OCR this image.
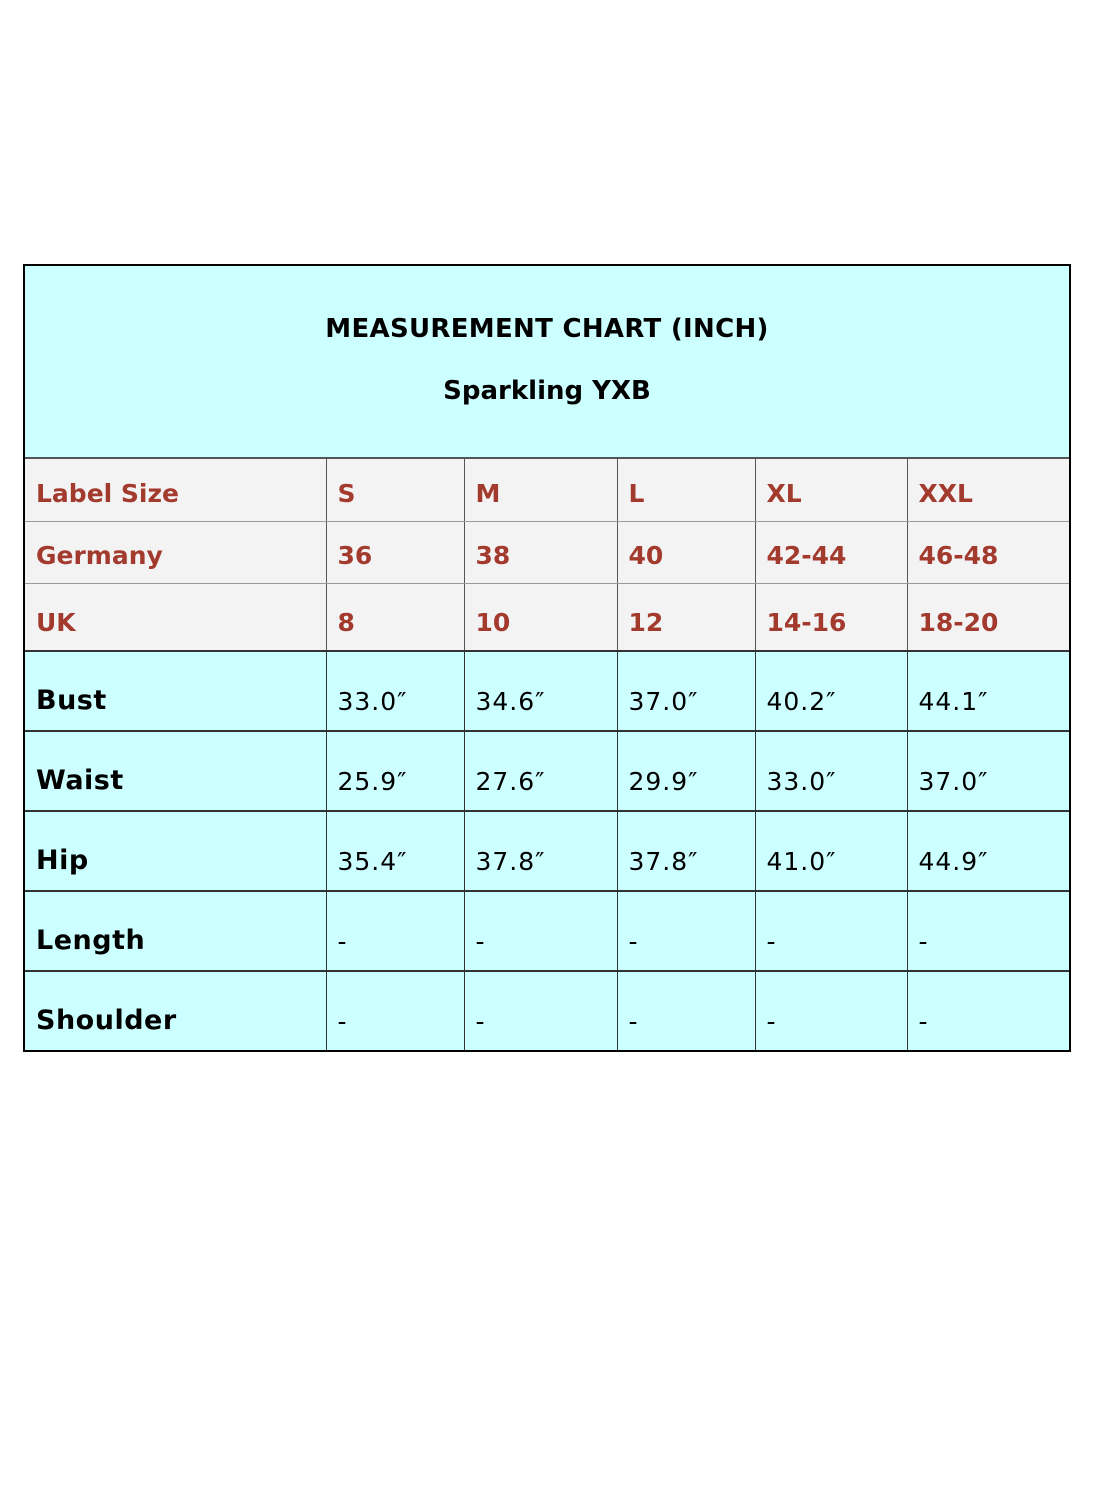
MEASUREMENT CHART (INCH)
Sparkling YXB
Label Size	S	M	L	XL	XXL
Germany	36	38	40	42-44	46-48
UK	8	10	12	14-16	18-20
Bust	33.0″	34.6″	37.0″	40.2″	44.1″
Waist	25.9″	27.6″	29.9″	33.0″	37.0″
Hip	35.4″	37.8″	37.8″	41.0″	44.9″
Length	-	-	-	-	-
Shoulder	-	-	-	-	-
